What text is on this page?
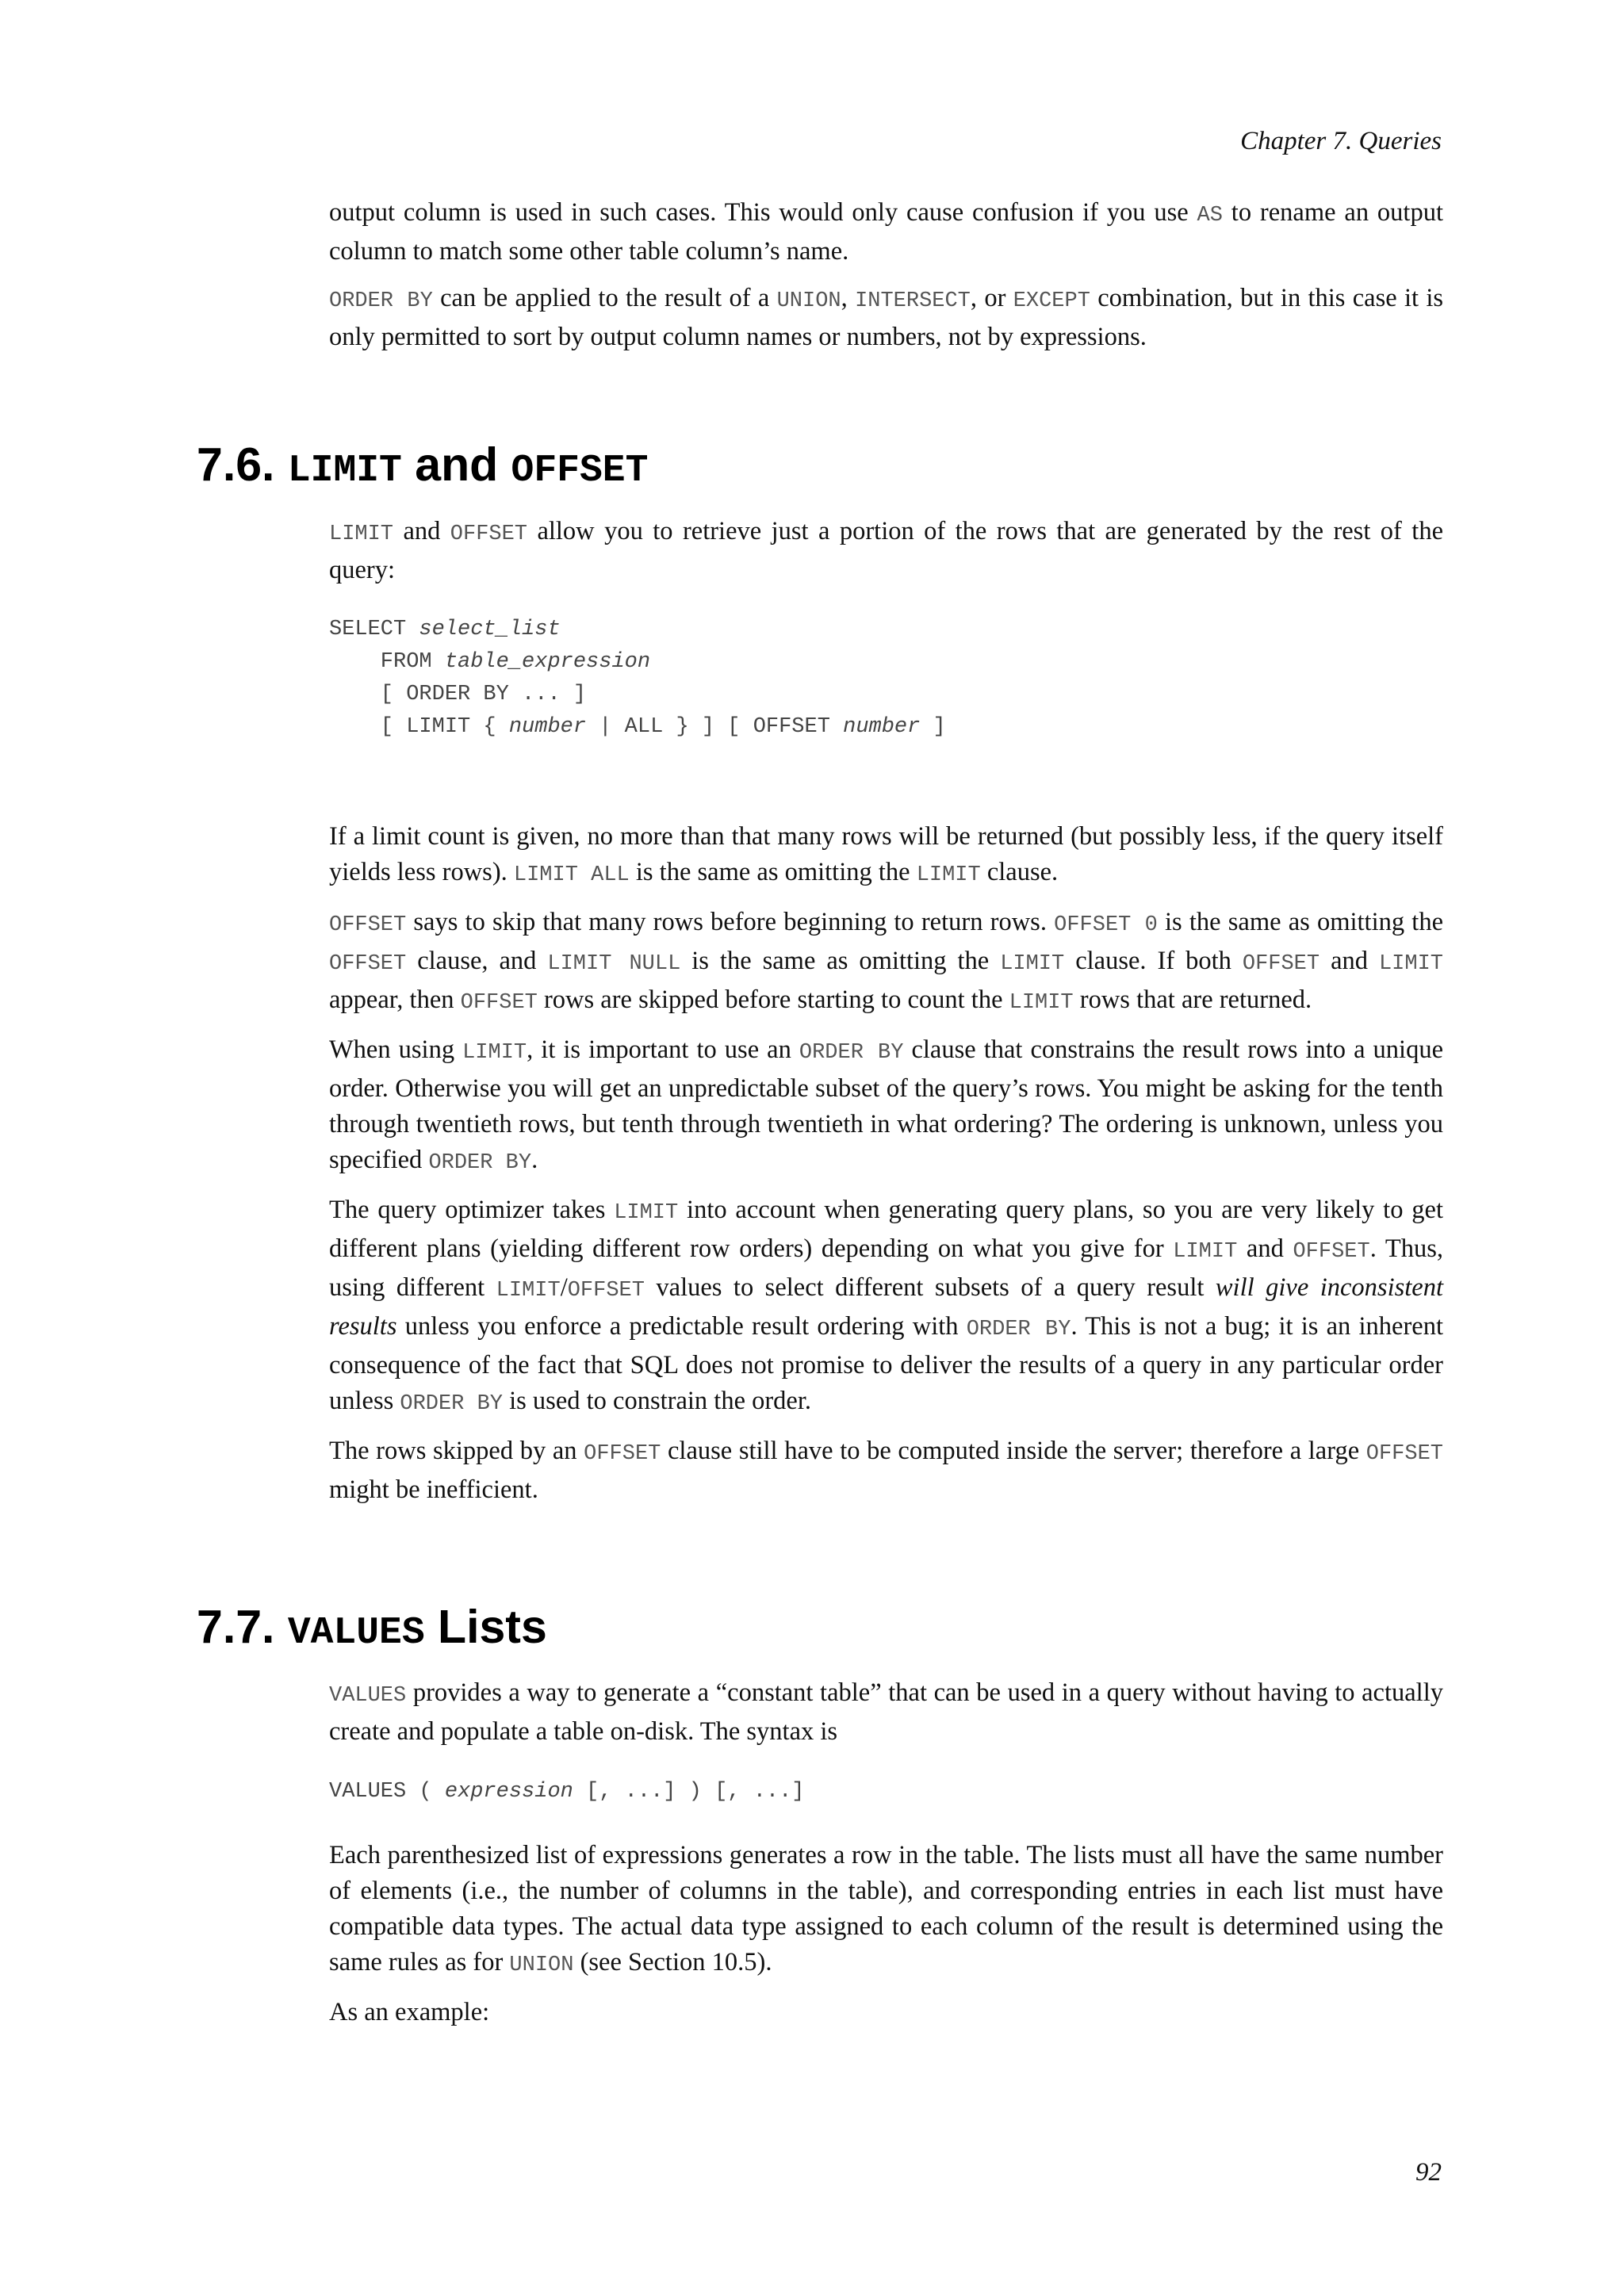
Chapter 7. Queries

output column is used in such cases. This would only cause confusion if you use AS to rename an output column to match some other table column’s name.

ORDER BY can be applied to the result of a UNION, INTERSECT, or EXCEPT combination, but in this case it is only permitted to sort by output column names or numbers, not by expressions.

7.6. LIMIT and OFFSET

LIMIT and OFFSET allow you to retrieve just a portion of the rows that are generated by the rest of the query:

SELECT select_list
FROM table_expression
[ ORDER BY ... ]
[ LIMIT { number | ALL } ] [ OFFSET number ]

If a limit count is given, no more than that many rows will be returned (but possibly less, if the query itself yields less rows). LIMIT ALL is the same as omitting the LIMIT clause.

OFFSET says to skip that many rows before beginning to return rows. OFFSET 0 is the same as omitting the OFFSET clause, and LIMIT NULL is the same as omitting the LIMIT clause. If both OFFSET and LIMIT appear, then OFFSET rows are skipped before starting to count the LIMIT rows that are returned.

When using LIMIT, it is important to use an ORDER BY clause that constrains the result rows into a unique order. Otherwise you will get an unpredictable subset of the query’s rows. You might be asking for the tenth through twentieth rows, but tenth through twentieth in what ordering? The ordering is unknown, unless you specified ORDER BY.

The query optimizer takes LIMIT into account when generating query plans, so you are very likely to get different plans (yielding different row orders) depending on what you give for LIMIT and OFFSET. Thus, using different LIMIT/OFFSET values to select different subsets of a query result will give inconsistent results unless you enforce a predictable result ordering with ORDER BY. This is not a bug; it is an inherent consequence of the fact that SQL does not promise to deliver the results of a query in any particular order unless ORDER BY is used to constrain the order.

The rows skipped by an OFFSET clause still have to be computed inside the server; therefore a large OFFSET might be inefficient.

7.7. VALUES Lists

VALUES provides a way to generate a “constant table” that can be used in a query without having to actually create and populate a table on-disk. The syntax is

VALUES ( expression [, ...] ) [, ...]

Each parenthesized list of expressions generates a row in the table. The lists must all have the same number of elements (i.e., the number of columns in the table), and corresponding entries in each list must have compatible data types. The actual data type assigned to each column of the result is determined using the same rules as for UNION (see Section 10.5).

As an example:

92
